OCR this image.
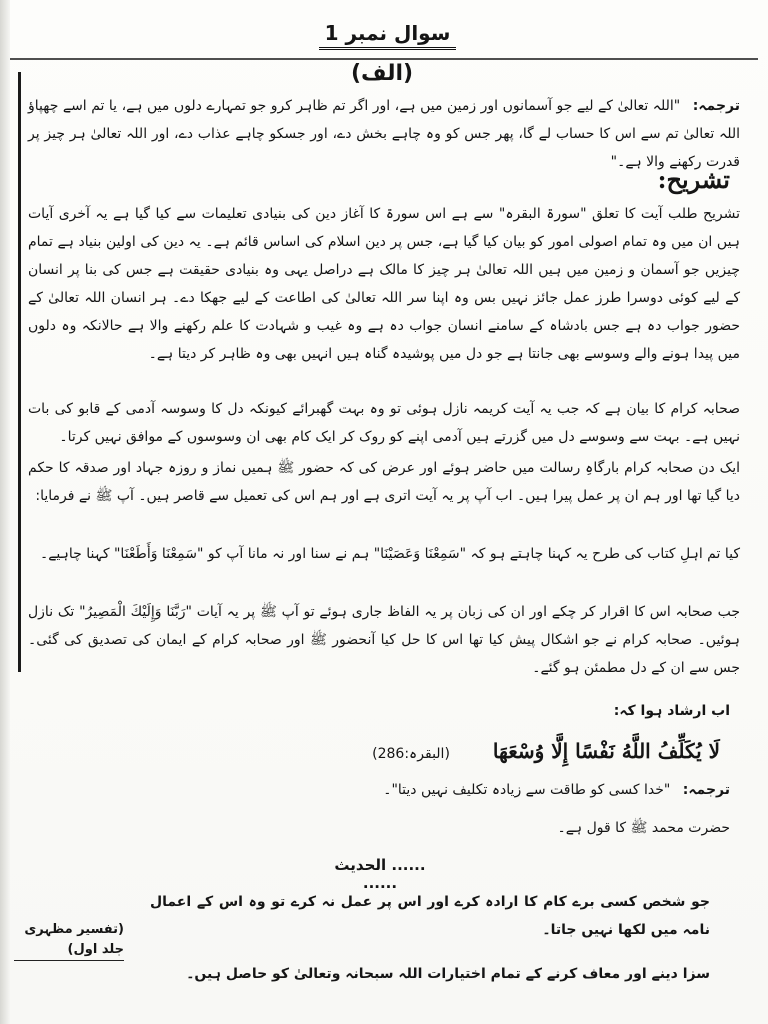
سوال نمبر 1
(الف)
ترجمہ: "اللہ تعالیٰ کے لیے جو آسمانوں اور زمین میں ہے، اور اگر تم ظاہر کرو جو تمہارے دلوں میں ہے، یا تم اسے چھپاؤ اللہ تعالیٰ تم سے اس کا حساب لے گا، پھر جس کو وہ چاہے بخش دے، اور جسکو چاہے عذاب دے، اور اللہ تعالیٰ ہر چیز پر قدرت رکھنے والا ہے۔"
تشریح:
تشریح طلب آیت کا تعلق "سورۃ البقرہ" سے ہے اس سورۃ کا آغاز دین کی بنیادی تعلیمات سے کیا گیا ہے یہ آخری آیات ہیں ان میں وہ تمام اصولی امور کو بیان کیا گیا ہے، جس پر دین اسلام کی اساس قائم ہے۔ یہ دین کی اولین بنیاد ہے تمام چیزیں جو آسمان و زمین میں ہیں اللہ تعالیٰ ہر چیز کا مالک ہے دراصل یہی وہ بنیادی حقیقت ہے جس کی بنا پر انسان کے لیے کوئی دوسرا طرز عمل جائز نہیں بس وہ اپنا سر اللہ تعالیٰ کی اطاعت کے لیے جھکا دے۔ ہر انسان اللہ تعالیٰ کے حضور جواب دہ ہے جس بادشاہ کے سامنے انسان جواب دہ ہے وہ غیب و شہادت کا علم رکھنے والا ہے حالانکہ وہ دلوں میں پیدا ہونے والے وسوسے بھی جانتا ہے جو دل میں پوشیدہ گناہ ہیں انہیں بھی وہ ظاہر کر دیتا ہے۔
صحابہ کرام کا بیان ہے کہ جب یہ آیت کریمہ نازل ہوئی تو وہ بہت گھبرائے کیونکہ دل کا وسوسہ آدمی کے قابو کی بات نہیں ہے۔ بہت سے وسوسے دل میں گزرتے ہیں آدمی اپنے کو روک کر ایک کام بھی ان وسوسوں کے موافق نہیں کرتا۔
ایک دن صحابہ کرام بارگاہِ رسالت میں حاضر ہوئے اور عرض کی کہ حضور ﷺ ہمیں نماز و روزہ جہاد اور صدقہ کا حکم دیا گیا تھا اور ہم ان پر عمل پیرا ہیں۔ اب آپ پر یہ آیت اتری ہے اور ہم اس کی تعمیل سے قاصر ہیں۔ آپ ﷺ نے فرمایا:
کیا تم اہلِ کتاب کی طرح یہ کہنا چاہتے ہو کہ "سَمِعْنَا وَعَصَيْنَا" ہم نے سنا اور نہ مانا آپ کو "سَمِعْنَا وَأَطَعْنَا" کہنا چاہیے۔
جب صحابہ اس کا اقرار کر چکے اور ان کی زبان پر یہ الفاظ جاری ہوئے تو آپ ﷺ پر یہ آیات "رَبَّنَا وَإِلَيْكَ الْمَصِيرُ" تک نازل ہوئیں۔ صحابہ کرام نے جو اشکال پیش کیا تھا اس کا حل کیا آنحضور ﷺ اور صحابہ کرام کے ایمان کی تصدیق کی گئی۔ جس سے ان کے دل مطمئن ہو گئے۔
اب ارشاد ہوا کہ:
لَا يُكَلِّفُ اللَّهُ نَفْسًا إِلَّا وُسْعَهَا (البقرہ:286)
ترجمہ: "خدا کسی کو طاقت سے زیادہ تکلیف نہیں دیتا"۔
حضرت محمد ﷺ کا قول ہے۔
...... الحدیث ......
جو شخص کسی برے کام کا ارادہ کرے اور اس پر عمل نہ کرے تو وہ اس کے اعمال نامہ میں لکھا نہیں جاتا۔
(تفسیر مظہری جلد اول)
سزا دینے اور معاف کرنے کے تمام اختیارات اللہ سبحانہ وتعالیٰ کو حاصل ہیں۔
